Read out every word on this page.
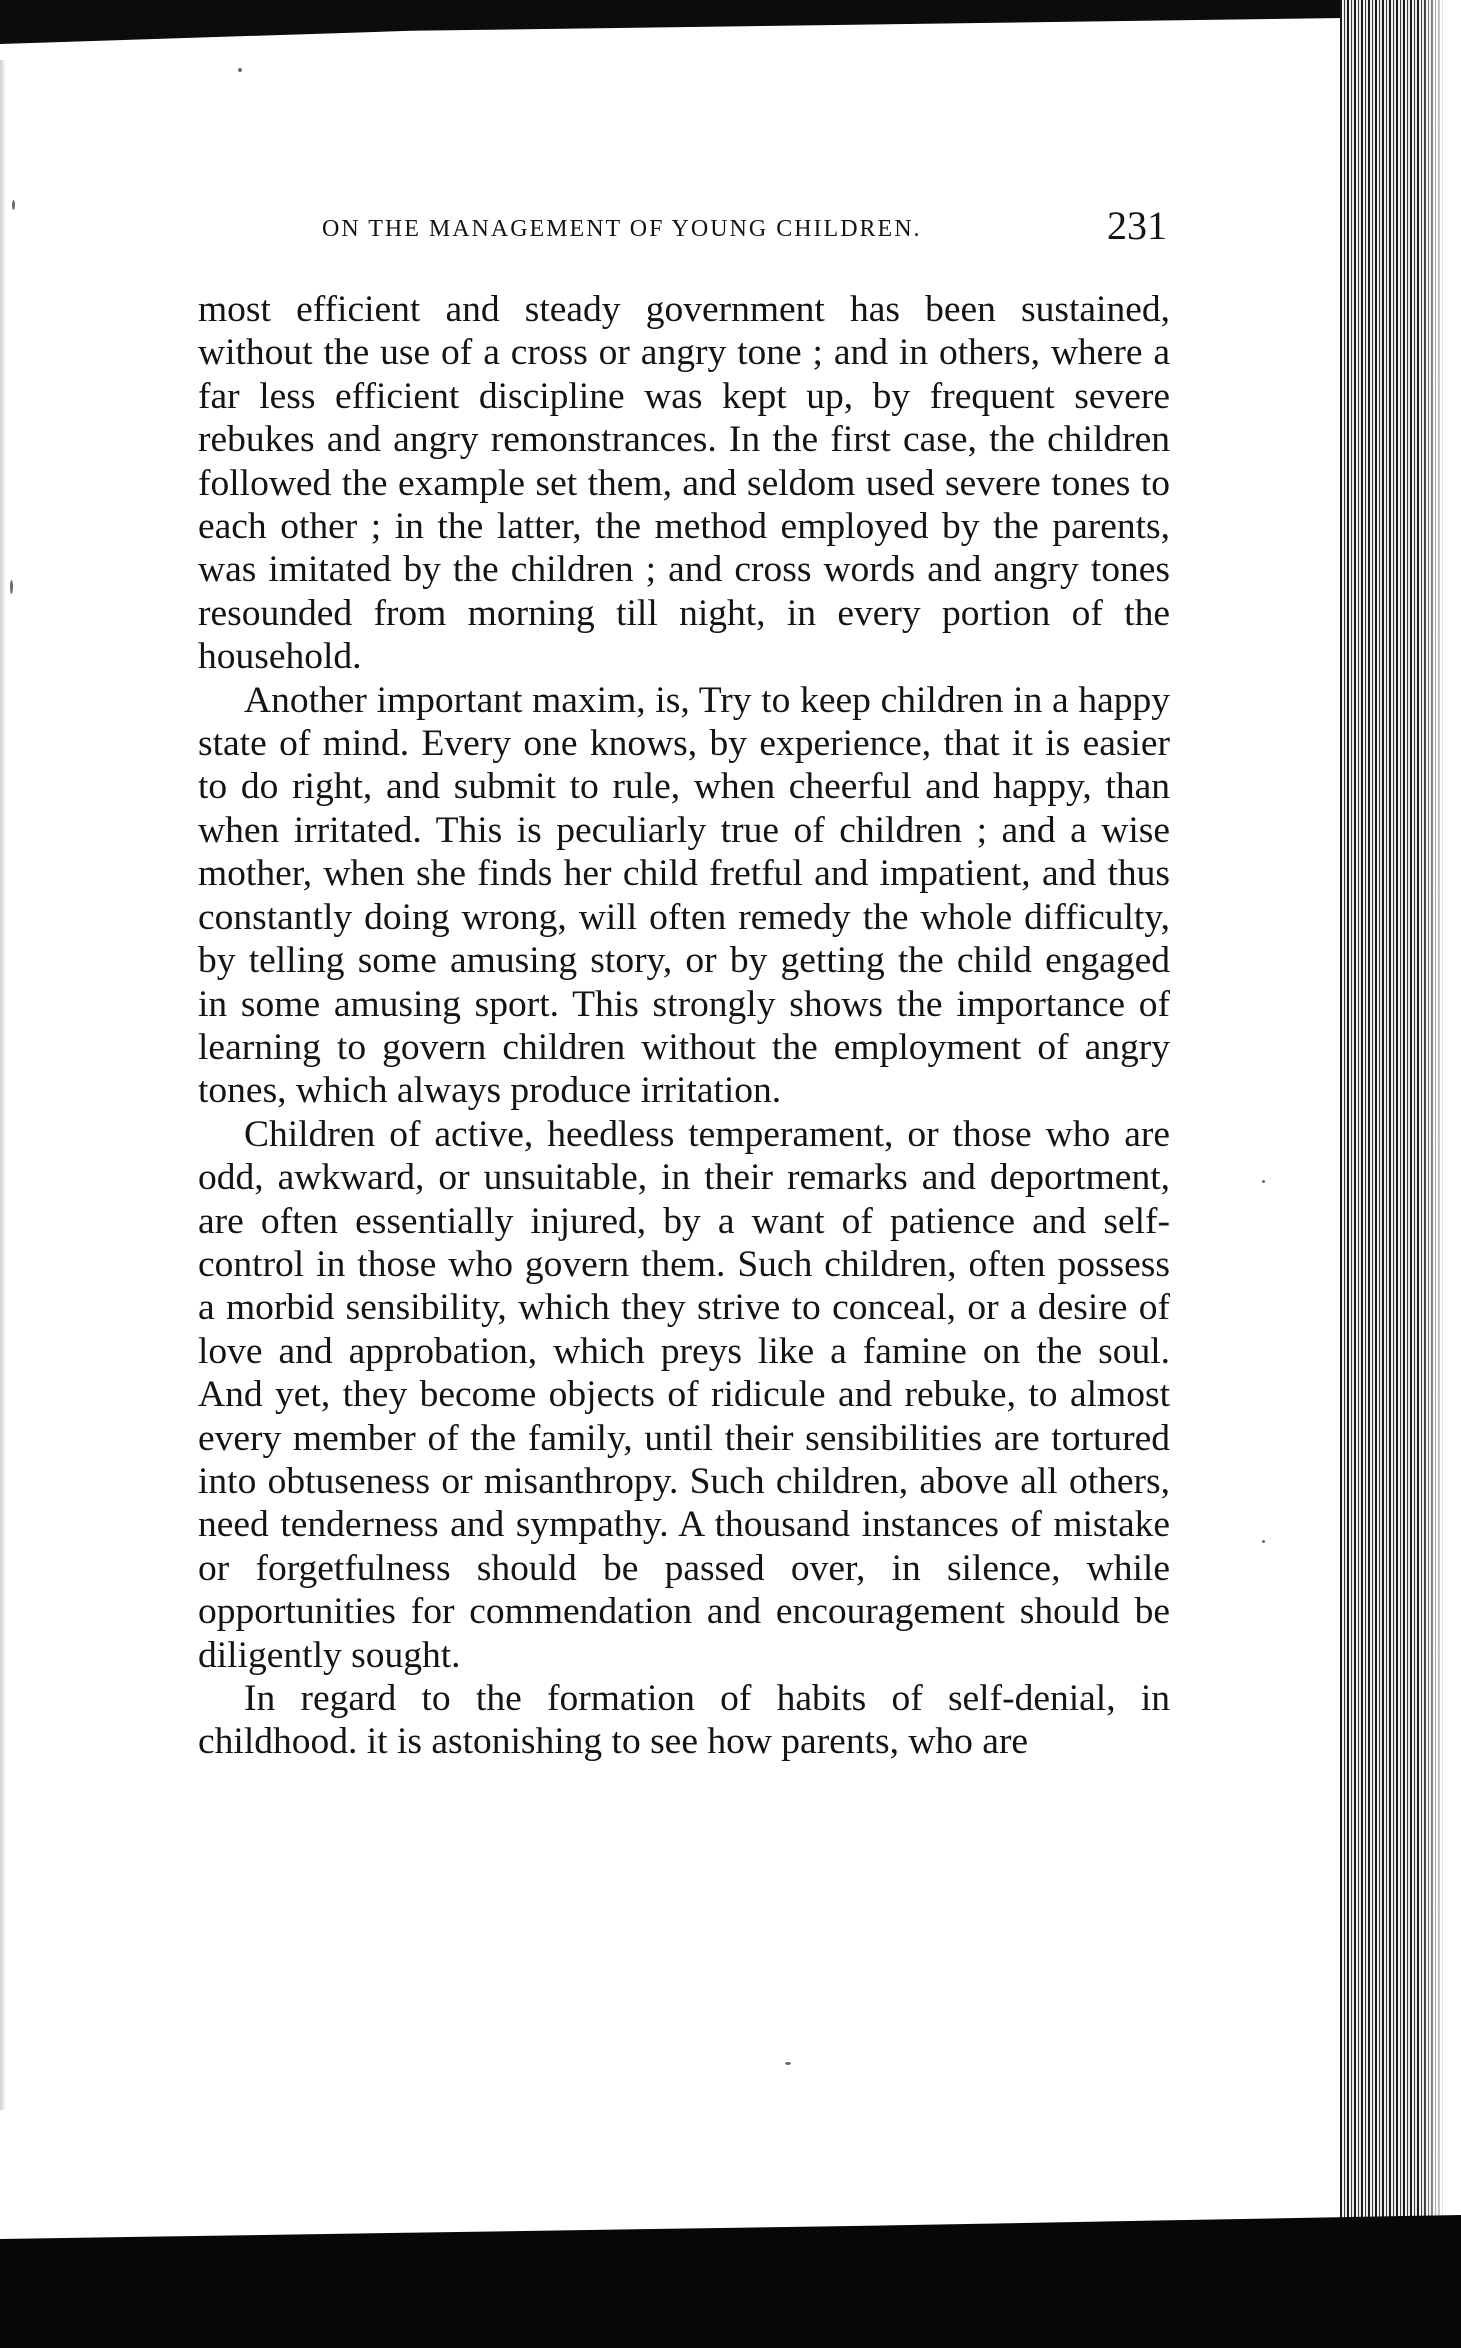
ON THE MANAGEMENT OF YOUNG CHILDREN.	231

most efficient and steady government has been sustained, without the use of a cross or angry tone ; and in others, where a far less efficient discipline was kept up, by frequent severe rebukes and angry remonstrances. In the first case, the children followed the example set them, and seldom used severe tones to each other ; in the latter, the method employed by the parents, was imitated by the children ; and cross words and angry tones resounded from morning till night, in every portion of the household.

Another important maxim, is, Try to keep children in a happy state of mind. Every one knows, by experience, that it is easier to do right, and submit to rule, when cheerful and happy, than when irritated. This is peculiarly true of children ; and a wise mother, when she finds her child fretful and impatient, and thus constantly doing wrong, will often remedy the whole difficulty, by telling some amusing story, or by getting the child engaged in some amusing sport. This strongly shows the importance of learning to govern children without the employment of angry tones, which always produce irritation.

Children of active, heedless temperament, or those who are odd, awkward, or unsuitable, in their remarks and deportment, are often essentially injured, by a want of patience and self-control in those who govern them. Such children, often possess a morbid sensibility, which they strive to conceal, or a desire of love and approbation, which preys like a famine on the soul. And yet, they become objects of ridicule and rebuke, to almost every member of the family, until their sensibilities are tortured into obtuseness or misanthropy. Such children, above all others, need tenderness and sympathy. A thousand instances of mistake or forgetfulness should be passed over, in silence, while opportunities for commendation and encouragement should be diligently sought.

In regard to the formation of habits of self-denial, in childhood. it is astonishing to see how parents, who are
